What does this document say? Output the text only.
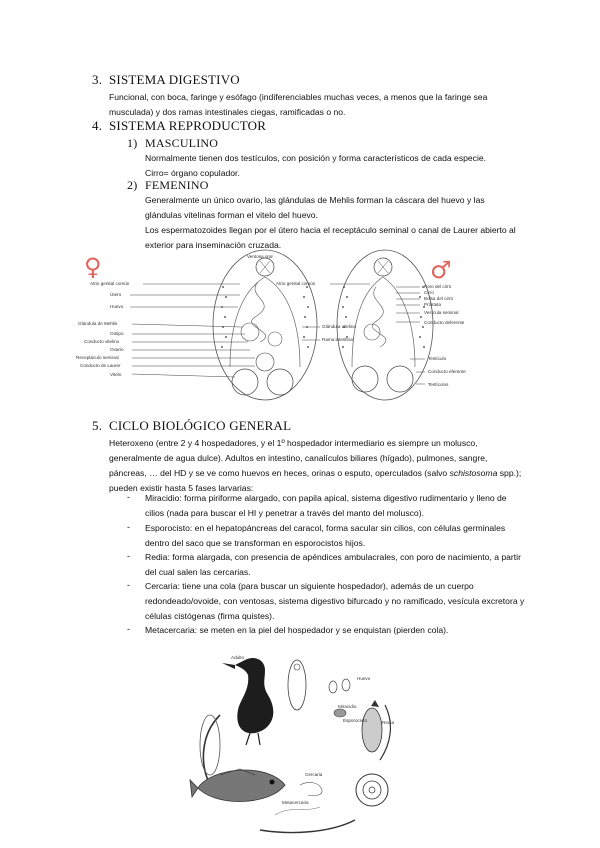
3. SISTEMA DIGESTIVO
Funcional, con boca, faringe y esófago (indiferenciables muchas veces, a menos que la faringe sea musculada) y dos ramas intestinales ciegas, ramificadas o no.
4. SISTEMA REPRODUCTOR
1) MASCULINO
Normalmente tienen dos testículos, con posición y forma característicos de cada especie.
Cirro= órgano copulador.
2) FEMENINO
Generalmente un único ovario, las glándulas de Mehlis forman la cáscara del huevo y las glándulas vitelinas forman el vitelo del huevo.
Los espermatozoides llegan por el útero hacia el receptáculo seminal o canal de Laurer abierto al exterior para inseminación cruzada.
♀	♂
Ventosa oral
Atrio genital común
Útero
Huevo
Glándula de Mehlis
Ootipo
Conducto vitelino
Ovario
Receptáculo seminal
Conducto de Laurer
Vitelo
Glándula vitelina
Rama intestinal
Atrio genital común
Poro del cirro
Cirro
Bolsa del cirro
Próstata
Vesícula seminal
Conducto deferente
Testículo
Conducto eferente
Testículos
5. CICLO BIOLÓGICO GENERAL
Heteroxeno (entre 2 y 4 hospedadores, y el 1º hospedador intermediario es siempre un molusco, generalmente de agua dulce). Adultos en intestino, canalículos biliares (hígado), pulmones, sangre, páncreas, … del HD y se ve como huevos en heces, orinas o esputo, operculados (salvo schistosoma spp.); pueden existir hasta 5 fases larvarias:
- Miracidio: forma piriforme alargado, con papila apical, sistema digestivo rudimentario y lleno de cilios (nada para buscar el HI y penetrar a través del manto del molusco).
- Esporocisto: en el hepatopáncreas del caracol, forma sacular sin cilios, con células germinales dentro del saco que se transforman en esporocistos hijos.
- Redia: forma alargada, con presencia de apéndices ambulacrales, con poro de nacimiento, a partir del cual salen las cercarias.
- Cercaria: tiene una cola (para buscar un siguiente hospedador), además de un cuerpo redondeado/ovoide, con ventosas, sistema digestivo bifurcado y no ramificado, vesícula excretora y células cistógenas (firma quistes).
- Metacercaria: se meten en la piel del hospedador y se enquistan (pierden cola).
Adulto
Huevo
Miracidio
Esporocisto	Redia
Cercaria
Metacercaria
